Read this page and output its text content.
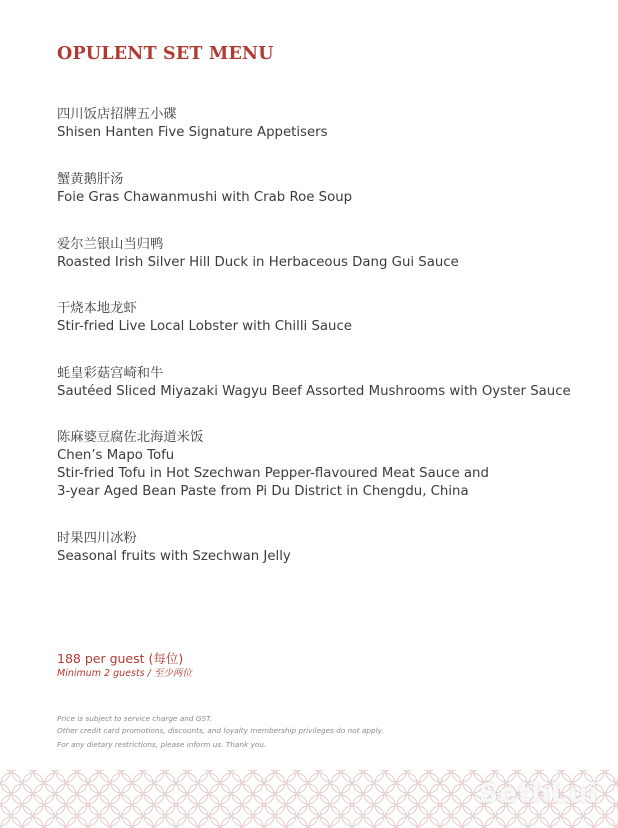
OPULENT SET MENU
四川饭店招牌五小碟
Shisen Hanten Five Signature Appetisers
蟹黄鹅肝汤
Foie Gras Chawanmushi with Crab Roe Soup
爱尔兰银山当归鸭
Roasted Irish Silver Hill Duck in Herbaceous Dang Gui Sauce
干烧本地龙虾
Stir-fried Live Local Lobster with Chilli Sauce
蚝皇彩菇宫崎和牛
Sautéed Sliced Miyazaki Wagyu Beef Assorted Mushrooms with Oyster Sauce
陈麻婆豆腐佐北海道米饭
Chen’s Mapo Tofu
Stir-fried Tofu in Hot Szechwan Pepper-flavoured Meat Sauce and
3-year Aged Bean Paste from Pi Du District in Chengdu, China
时果四川冰粉
Seasonal fruits with Szechwan Jelly
188 per guest (每位)
Minimum 2 guests / 至少两位
Price is subject to service charge and GST.
Other credit card promotions, discounts, and loyalty membership privileges do not apply.
For any dietary restrictions, please inform us. Thank you.
SethLui
